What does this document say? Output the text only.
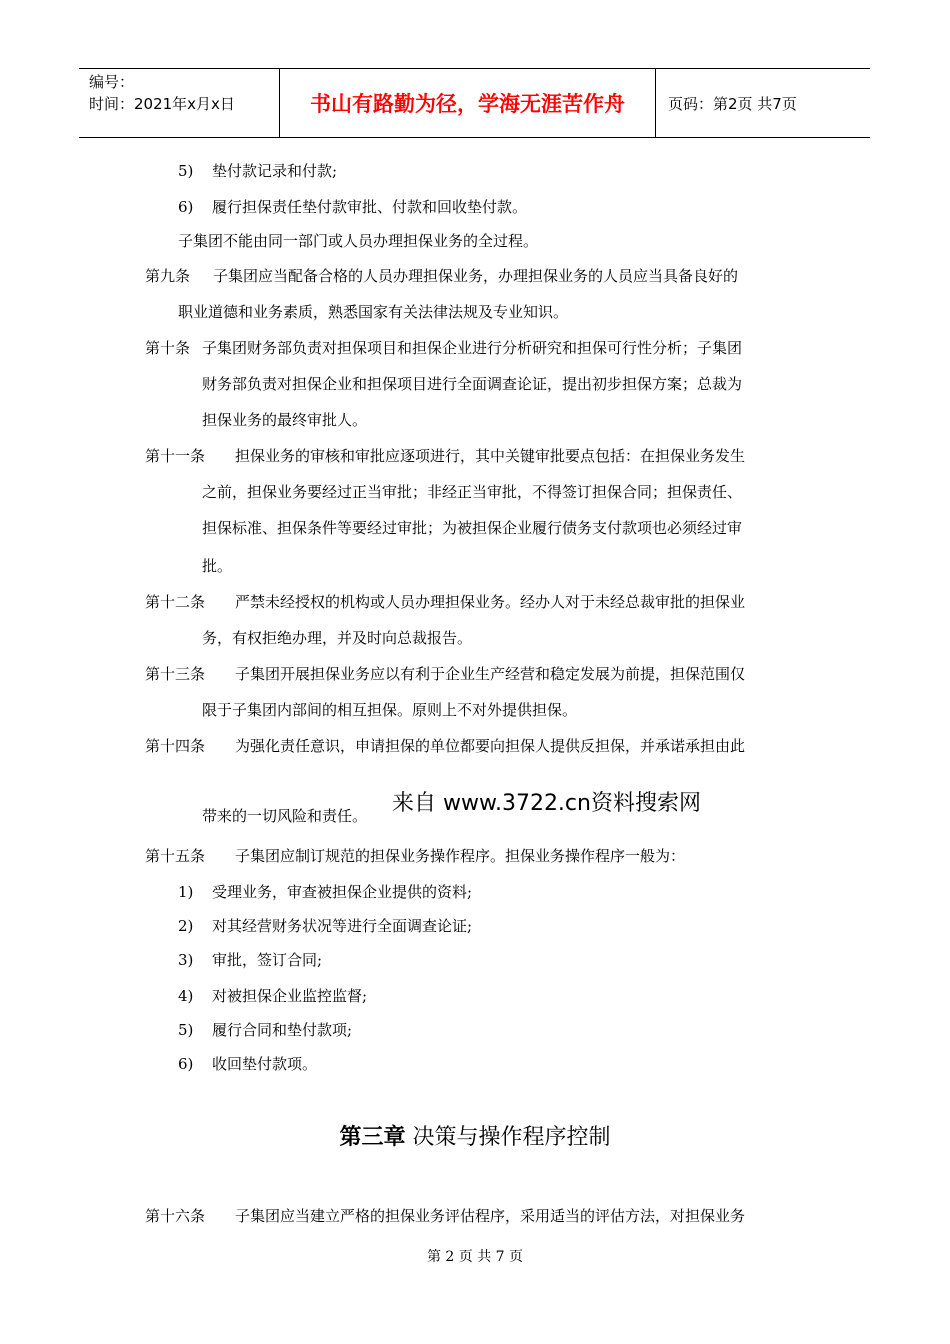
编号：
时间：2021年x月x日	书山有路勤为径，学海无涯苦作舟	页码：第2页 共7页
5) 垫付款记录和付款;
6) 履行担保责任垫付款审批、付款和回收垫付款。
子集团不能由同一部门或人员办理担保业务的全过程。
第九条 子集团应当配备合格的人员办理担保业务，办理担保业务的人员应当具备良好的
职业道德和业务素质，熟悉国家有关法律法规及专业知识。
第十条 子集团财务部负责对担保项目和担保企业进行分析研究和担保可行性分析；子集团
财务部负责对担保企业和担保项目进行全面调查论证，提出初步担保方案；总裁为
担保业务的最终审批人。
第十一条 担保业务的审核和审批应逐项进行，其中关键审批要点包括：在担保业务发生
之前，担保业务要经过正当审批；非经正当审批，不得签订担保合同；担保责任、
担保标准、担保条件等要经过审批；为被担保企业履行债务支付款项也必须经过审
批。
第十二条 严禁未经授权的机构或人员办理担保业务。经办人对于未经总裁审批的担保业
务，有权拒绝办理，并及时向总裁报告。
第十三条 子集团开展担保业务应以有利于企业生产经营和稳定发展为前提，担保范围仅
限于子集团内部间的相互担保。原则上不对外提供担保。
第十四条 为强化责任意识，申请担保的单位都要向担保人提供反担保，并承诺承担由此
带来的一切风险和责任。 来自 www.3722.cn资料搜索网
第十五条 子集团应制订规范的担保业务操作程序。担保业务操作程序一般为：
1) 受理业务，审查被担保企业提供的资料;
2) 对其经营财务状况等进行全面调查论证;
3) 审批，签订合同;
4) 对被担保企业监控监督;
5) 履行合同和垫付款项;
6) 收回垫付款项。
第三章 决策与操作程序控制
第十六条 子集团应当建立严格的担保业务评估程序，采用适当的评估方法，对担保业务
第 2 页 共 7 页
